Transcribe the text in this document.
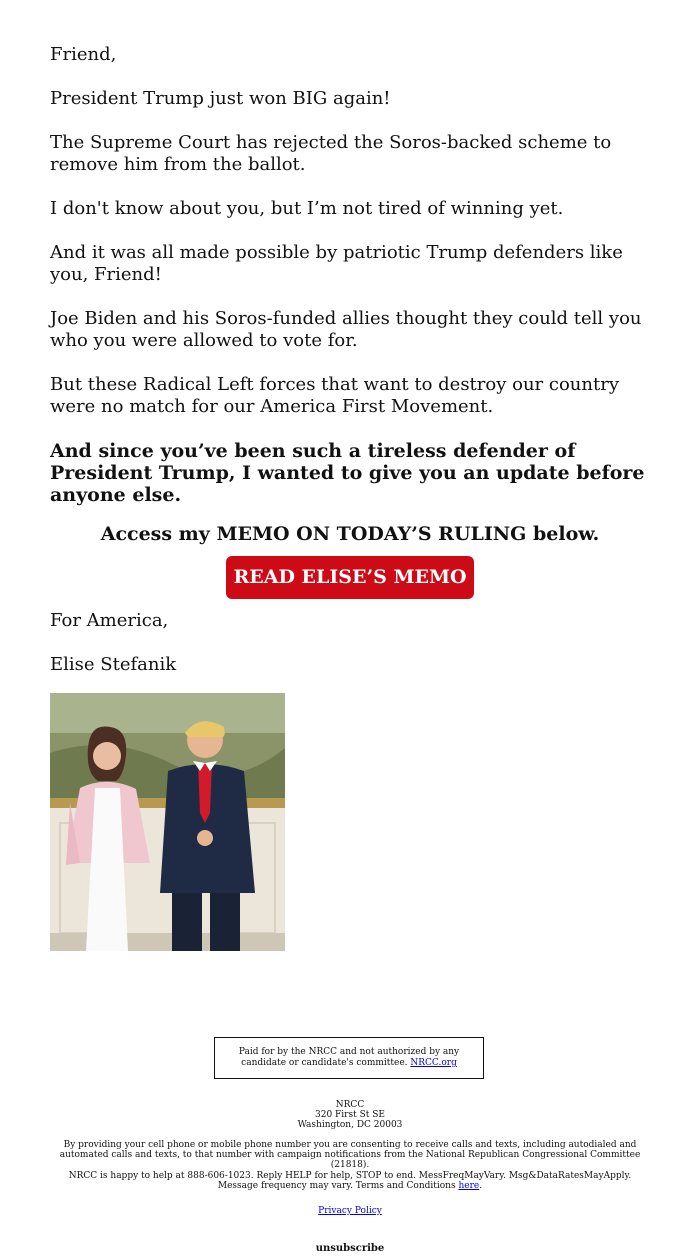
Friend,

President Trump just won BIG again!

The Supreme Court has rejected the Soros-backed scheme to remove him from the ballot.

I don't know about you, but I’m not tired of winning yet.

And it was all made possible by patriotic Trump defenders like you, Friend!

Joe Biden and his Soros-funded allies thought they could tell you who you were allowed to vote for.

But these Radical Left forces that want to destroy our country were no match for our America First Movement.

And since you’ve been such a tireless defender of President Trump, I wanted to give you an update before anyone else.

Access my MEMO ON TODAY’S RULING below.
READ ELISE’S MEMO

For America,

Elise Stefanik

Paid for by the NRCC and not authorized by any candidate or candidate's committee. NRCC.org
NRCC
320 First St SE
Washington, DC 20003
By providing your cell phone or mobile phone number you are consenting to receive calls and texts, including autodialed and automated calls and texts, to that number with campaign notifications from the National Republican Congressional Committee (21818).
NRCC is happy to help at 888-606-1023. Reply HELP for help, STOP to end. MessFreqMayVary. Msg&DataRatesMayApply. Message frequency may vary. Terms and Conditions here.
Privacy Policy
unsubscribe
